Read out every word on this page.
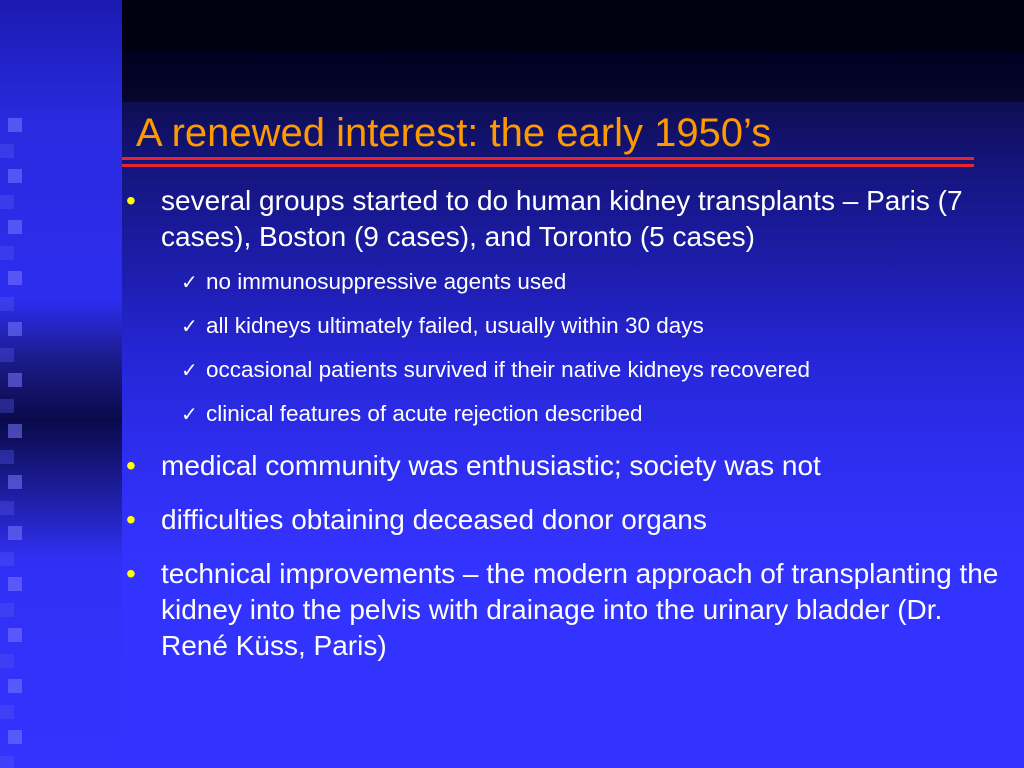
A renewed interest: the early 1950’s
• several groups started to do human kidney transplants – Paris (7 cases), Boston (9 cases), and Toronto (5 cases)
✓ no immunosuppressive agents used
✓ all kidneys ultimately failed, usually within 30 days
✓ occasional patients survived if their native kidneys recovered
✓ clinical features of acute rejection described
• medical community was enthusiastic; society was not
• difficulties obtaining deceased donor organs
• technical improvements – the modern approach of transplanting the kidney into the pelvis with drainage into the urinary bladder (Dr. René Küss, Paris)
